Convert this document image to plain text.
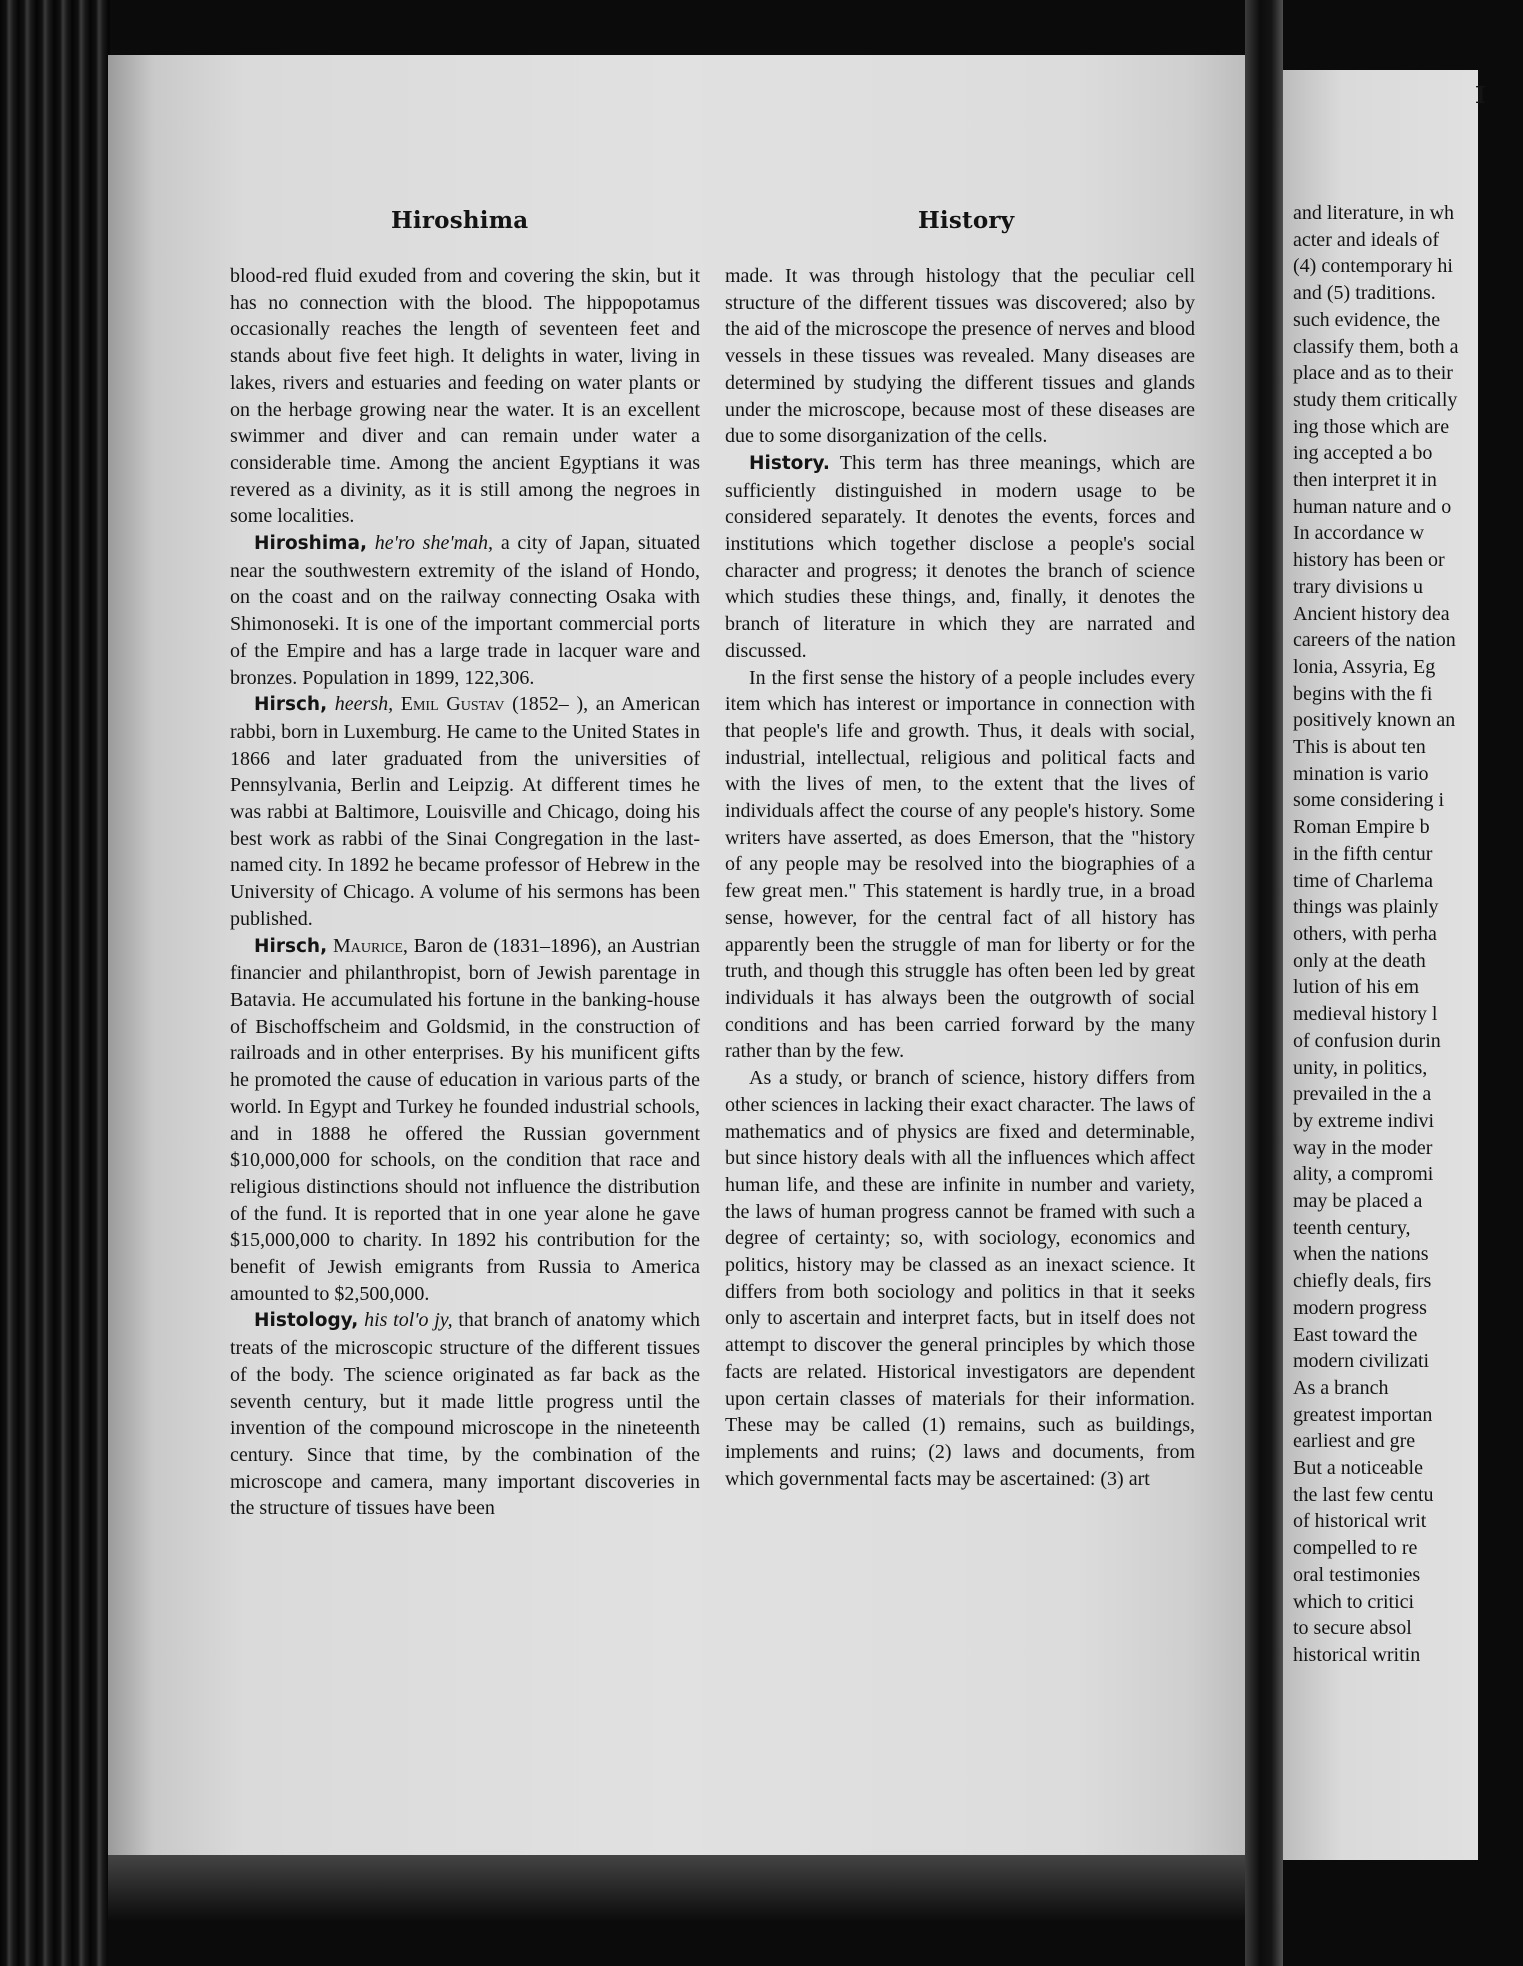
Hiroshima	History

blood-red fluid exuded from and covering the skin, but it has no connection with the blood. The hippopotamus occasionally reaches the length of seventeen feet and stands about five feet high. It delights in water, living in lakes, rivers and estuaries and feeding on water plants or on the herbage growing near the water. It is an excellent swimmer and diver and can remain under water a considerable time. Among the ancient Egyptians it was revered as a divinity, as it is still among the negroes in some localities.

Hiroshima, he'ro she'mah, a city of Japan, situated near the southwestern extremity of the island of Hondo, on the coast and on the railway connecting Osaka with Shimonoseki. It is one of the important commercial ports of the Empire and has a large trade in lacquer ware and bronzes. Population in 1899, 122,306.

Hirsch, heersh, Emil Gustav (1852– ), an American rabbi, born in Luxemburg. He came to the United States in 1866 and later graduated from the universities of Pennsylvania, Berlin and Leipzig. At different times he was rabbi at Baltimore, Louisville and Chicago, doing his best work as rabbi of the Sinai Congregation in the last-named city. In 1892 he became professor of Hebrew in the University of Chicago. A volume of his sermons has been published.

Hirsch, Maurice, Baron de (1831–1896), an Austrian financier and philanthropist, born of Jewish parentage in Batavia. He accumulated his fortune in the banking-house of Bischoffscheim and Goldsmid, in the construction of railroads and in other enterprises. By his munificent gifts he promoted the cause of education in various parts of the world. In Egypt and Turkey he founded industrial schools, and in 1888 he offered the Russian government $10,000,000 for schools, on the condition that race and religious distinctions should not influence the distribution of the fund. It is reported that in one year alone he gave $15,000,000 to charity. In 1892 his contribution for the benefit of Jewish emigrants from Russia to America amounted to $2,500,000.

Histology, his tol'o jy, that branch of anatomy which treats of the microscopic structure of the different tissues of the body. The science originated as far back as the seventh century, but it made little progress until the invention of the compound microscope in the nineteenth century. Since that time, by the combination of the microscope and camera, many important discoveries in the structure of tissues have been

made. It was through histology that the peculiar cell structure of the different tissues was discovered; also by the aid of the microscope the presence of nerves and blood vessels in these tissues was revealed. Many diseases are determined by studying the different tissues and glands under the microscope, because most of these diseases are due to some disorganization of the cells.

History. This term has three meanings, which are sufficiently distinguished in modern usage to be considered separately. It denotes the events, forces and institutions which together disclose a people's social character and progress; it denotes the branch of science which studies these things, and, finally, it denotes the branch of literature in which they are narrated and discussed.

In the first sense the history of a people includes every item which has interest or importance in connection with that people's life and growth. Thus, it deals with social, industrial, intellectual, religious and political facts and with the lives of men, to the extent that the lives of individuals affect the course of any people's history. Some writers have asserted, as does Emerson, that the "history of any people may be resolved into the biographies of a few great men." This statement is hardly true, in a broad sense, however, for the central fact of all history has apparently been the struggle of man for liberty or for the truth, and though this struggle has often been led by great individuals it has always been the outgrowth of social conditions and has been carried forward by the many rather than by the few.

As a study, or branch of science, history differs from other sciences in lacking their exact character. The laws of mathematics and of physics are fixed and determinable, but since history deals with all the influences which affect human life, and these are infinite in number and variety, the laws of human progress cannot be framed with such a degree of certainty; so, with sociology, economics and politics, history may be classed as an inexact science. It differs from both sociology and politics in that it seeks only to ascertain and interpret facts, but in itself does not attempt to discover the general principles by which those facts are related. Historical investigators are dependent upon certain classes of materials for their information. These may be called (1) remains, such as buildings, implements and ruins; (2) laws and documents, from which governmental facts may be ascertained: (3) art

I
and literature, in wh
acter and ideals of
(4) contemporary hi
and (5) traditions.
such evidence, the
classify them, both a
place and as to their
study them critically
ing those which are
ing accepted a bo
then interpret it in
human nature and o
In accordance w
history has been or
trary divisions u
Ancient history dea
careers of the nation
lonia, Assyria, Eg
begins with the fi
positively known an
This is about ten
mination is vario
some considering i
Roman Empire b
in the fifth centur
time of Charlema
things was plainly
others, with perha
only at the death
lution of his em
medieval history l
of confusion durin
unity, in politics,
prevailed in the a
by extreme indivi
way in the moder
ality, a compromi
may be placed a
teenth century,
when the nations
chiefly deals, firs
modern progress
East toward the
modern civilizati
As a branch
greatest importan
earliest and gre
But a noticeable
the last few centu
of historical writ
compelled to re
oral testimonies
which to critici
to secure absol
historical writin
